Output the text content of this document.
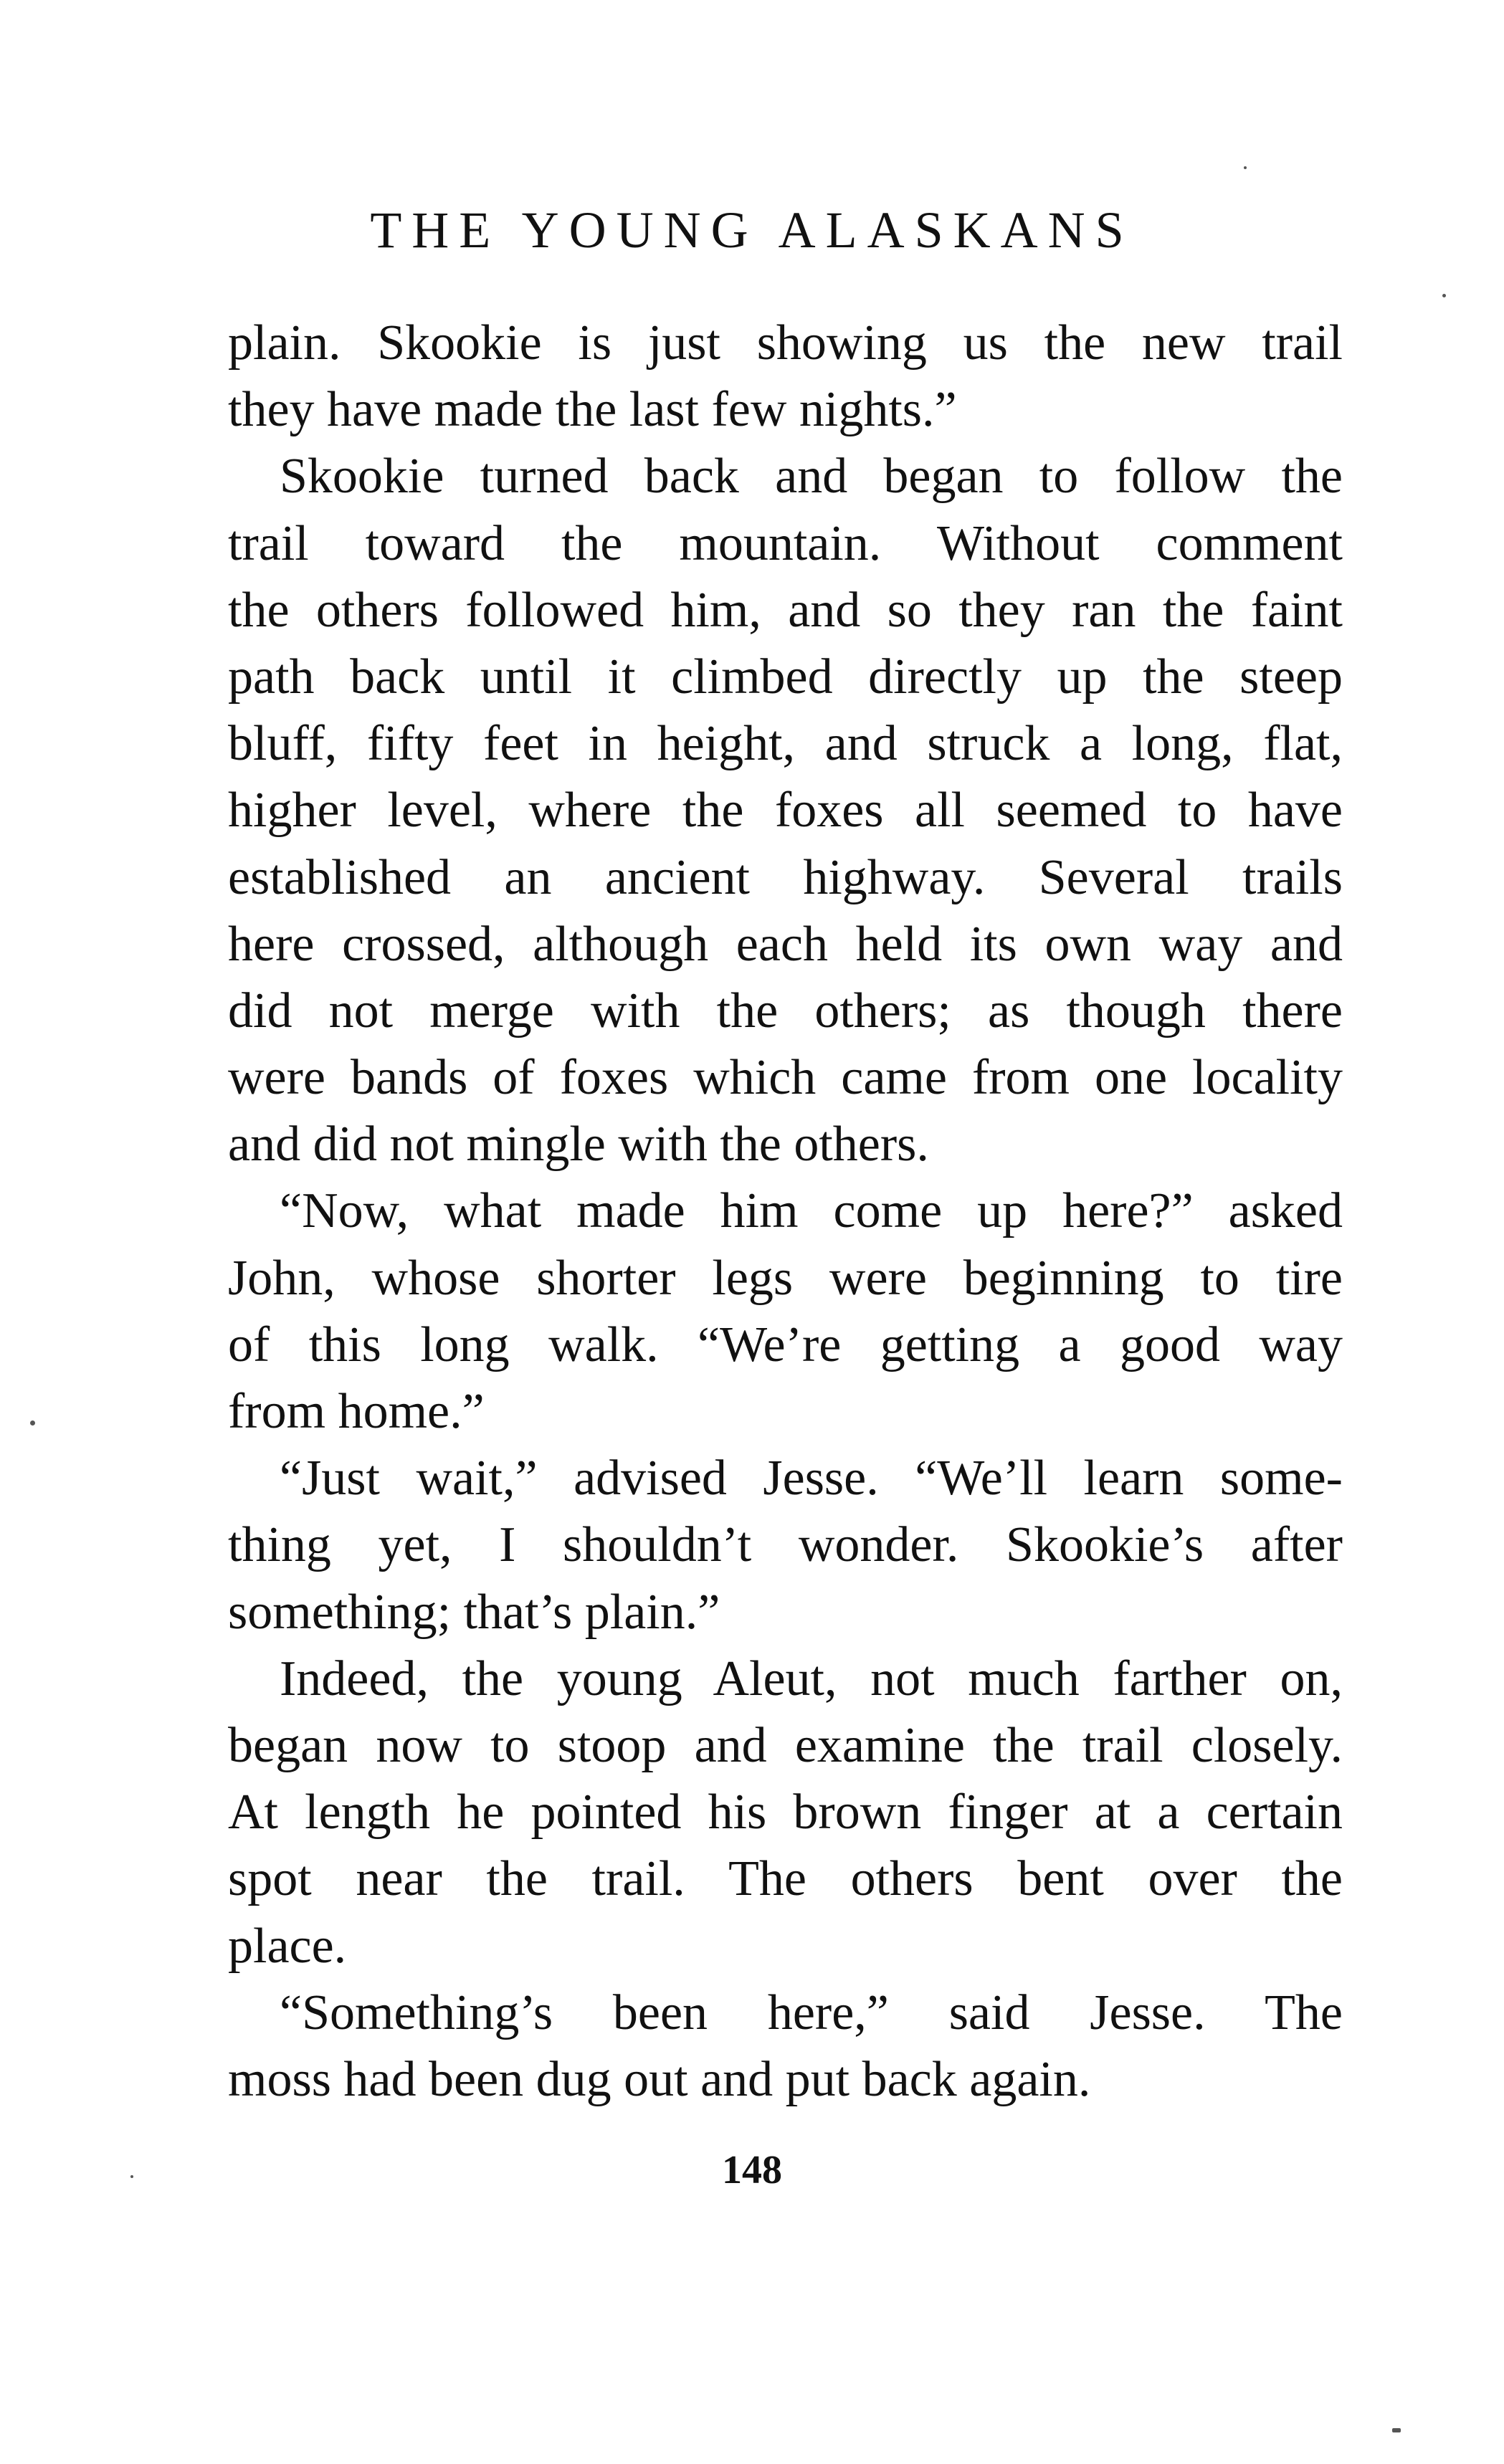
THE YOUNG ALASKANS
plain. Skookie is just showing us the new trail
they have made the last few nights.”
Skookie turned back and began to follow the
trail toward the mountain. Without comment
the others followed him, and so they ran the faint
path back until it climbed directly up the steep
bluff, fifty feet in height, and struck a long, flat,
higher level, where the foxes all seemed to have
established an ancient highway. Several trails
here crossed, although each held its own way and
did not merge with the others; as though there
were bands of foxes which came from one locality
and did not mingle with the others.
“Now, what made him come up here?” asked
John, whose shorter legs were beginning to tire
of this long walk. “We’re getting a good way
from home.”
“Just wait,” advised Jesse. “We’ll learn some-
thing yet, I shouldn’t wonder. Skookie’s after
something; that’s plain.”
Indeed, the young Aleut, not much farther on,
began now to stoop and examine the trail closely.
At length he pointed his brown finger at a certain
spot near the trail. The others bent over the
place.
“Something’s been here,” said Jesse. The
moss had been dug out and put back again.
148
